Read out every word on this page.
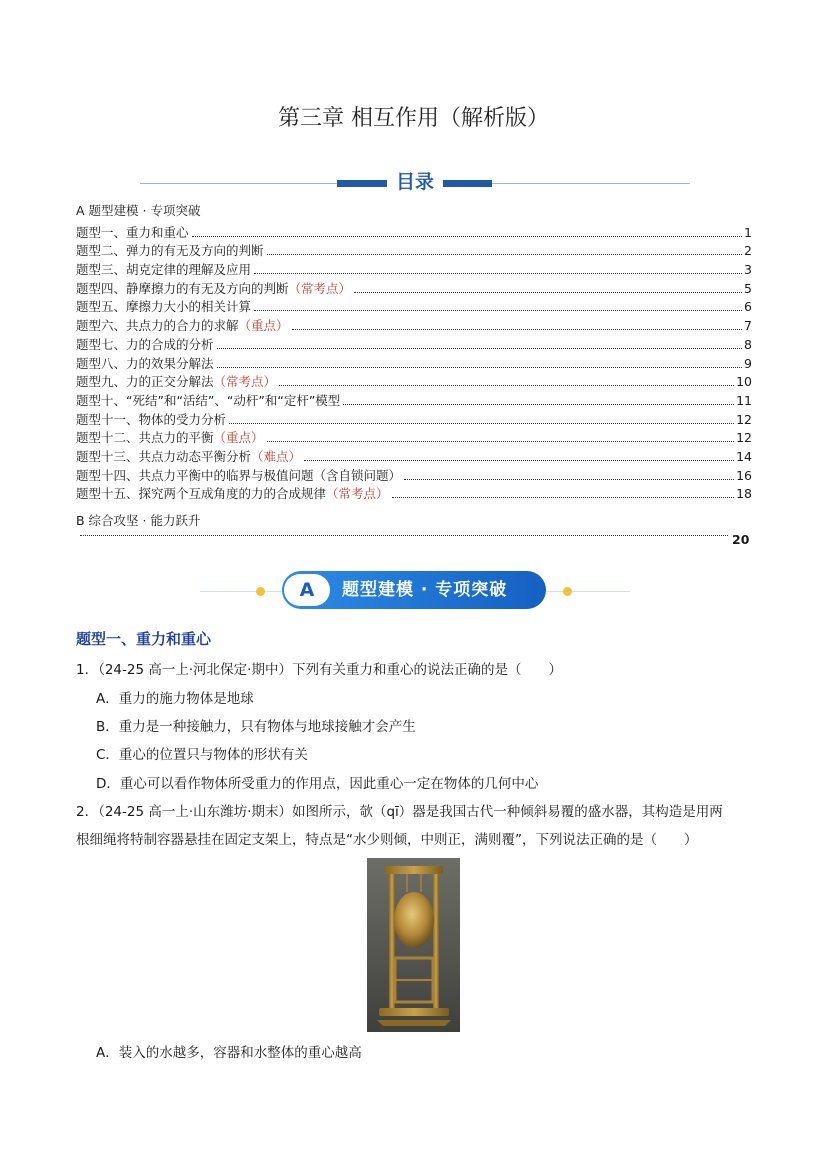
第三章 相互作用（解析版）
目录
A 题型建模 · 专项突破
题型一、重力和重心	1
题型二、弹力的有无及方向的判断	2
题型三、胡克定律的理解及应用	3
题型四、静摩擦力的有无及方向的判断 （常考点）	5
题型五、摩擦力大小的相关计算	6
题型六、共点力的合力的求解 （重点）	7
题型七、力的合成的分析	8
题型八、力的效果分解法	9
题型九、力的正交分解法 （常考点）	10
题型十、“死结”和“活结”、“动杆”和“定杆”模型	11
题型十一、物体的受力分析	12
题型十二、共点力的平衡 （重点）	12
题型十三、共点力动态平衡分析 （难点）	14
题型十四、共点力平衡中的临界与极值问题（含自锁问题）	16
题型十五、探究两个互成角度的力的合成规律 （常考点）	18
B 综合攻坚 · 能力跃升
20
A	题型建模 · 专项突破
题型一、重力和重心
1．（24-25 高一上·河北保定·期中）下列有关重力和重心的说法正确的是（　　）
A．重力的施力物体是地球
B．重力是一种接触力，只有物体与地球接触才会产生
C．重心的位置只与物体的形状有关
D．重心可以看作物体所受重力的作用点，因此重心一定在物体的几何中心
2．（24-25 高一上·山东潍坊·期末）如图所示，欹（qī）器是我国古代一种倾斜易覆的盛水器，其构造是用两
根细绳将特制容器悬挂在固定支架上，特点是“水少则倾，中则正，满则覆”，下列说法正确的是（　　）
A．装入的水越多，容器和水整体的重心越高
